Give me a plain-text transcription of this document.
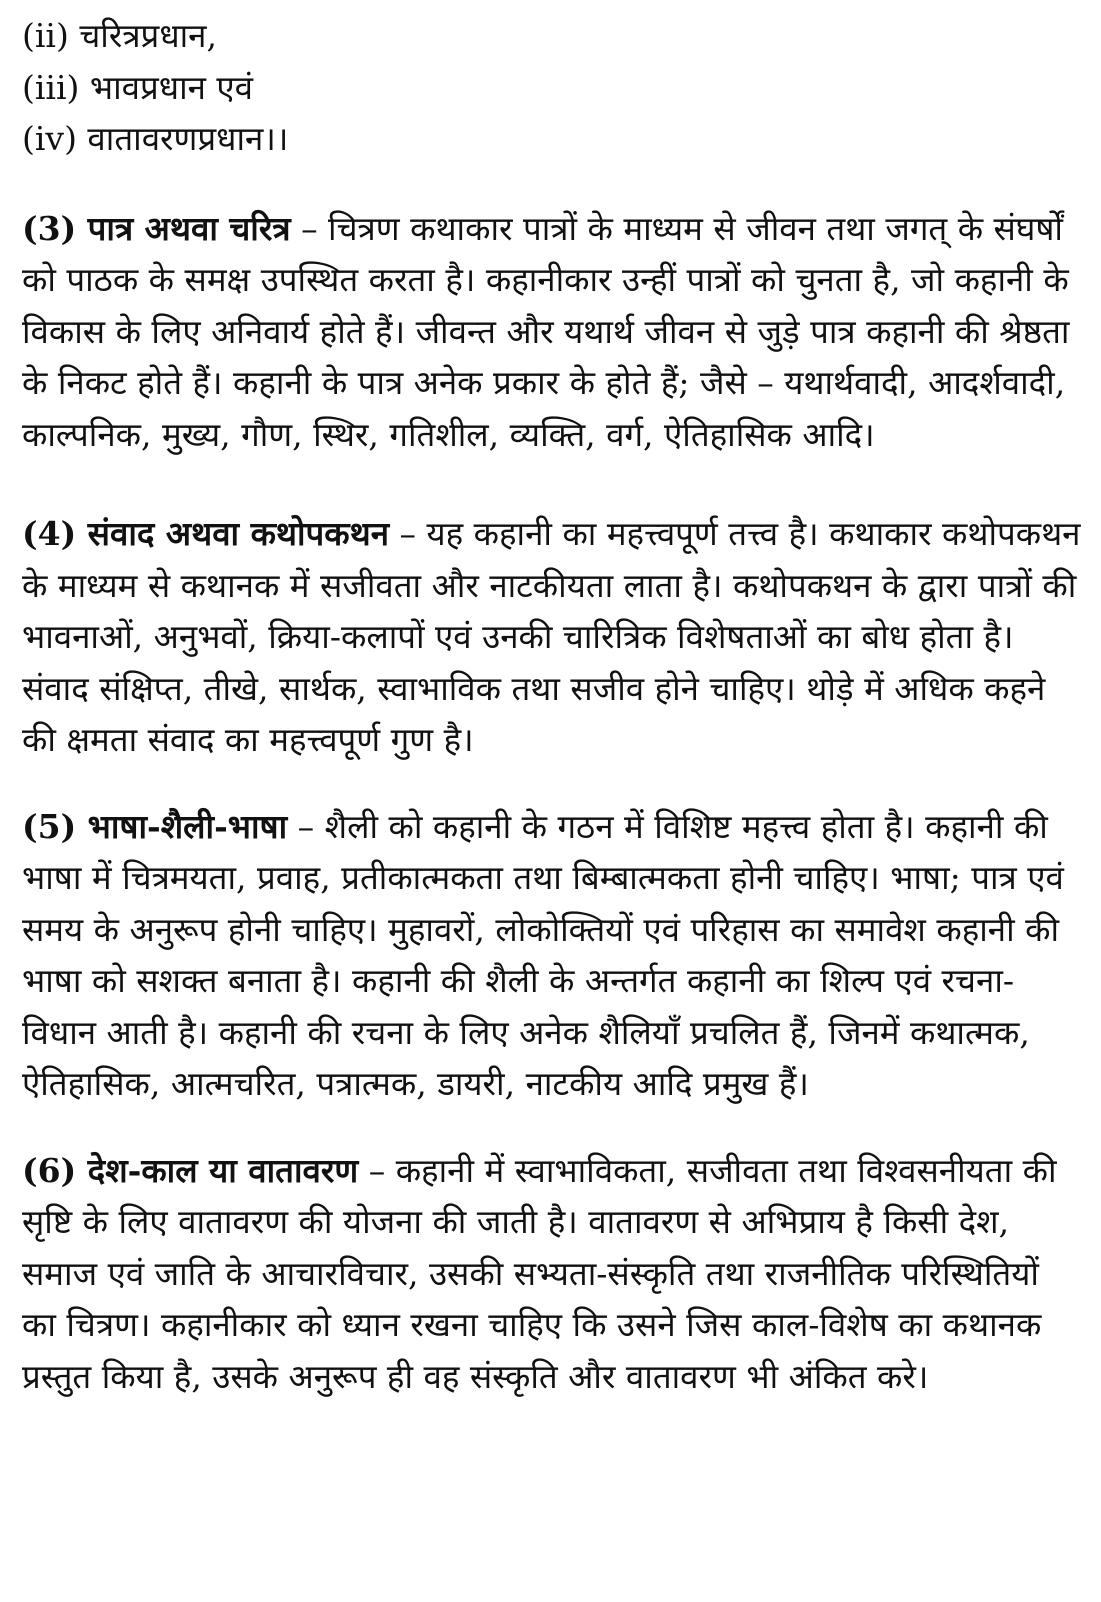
(ii) चरित्रप्रधान,

(iii) भावप्रधान एवं

(iv) वातावरणप्रधान।।

(3) पात्र अथवा चरित्र – चित्रण कथाकार पात्रों के माध्यम से जीवन तथा जगत् के संघर्षों को पाठक के समक्ष उपस्थित करता है। कहानीकार उन्हीं पात्रों को चुनता है, जो कहानी के विकास के लिए अनिवार्य होते हैं। जीवन्त और यथार्थ जीवन से जुड़े पात्र कहानी की श्रेष्ठता के निकट होते हैं। कहानी के पात्र अनेक प्रकार के होते हैं; जैसे – यथार्थवादी, आदर्शवादी, काल्पनिक, मुख्य, गौण, स्थिर, गतिशील, व्यक्ति, वर्ग, ऐतिहासिक आदि।

(4) संवाद अथवा कथोपकथन – यह कहानी का महत्त्वपूर्ण तत्त्व है। कथाकार कथोपकथन के माध्यम से कथानक में सजीवता और नाटकीयता लाता है। कथोपकथन के द्वारा पात्रों की भावनाओं, अनुभवों, क्रिया-कलापों एवं उनकी चारित्रिक विशेषताओं का बोध होता है। संवाद संक्षिप्त, तीखे, सार्थक, स्वाभाविक तथा सजीव होने चाहिए। थोड़े में अधिक कहने की क्षमता संवाद का महत्त्वपूर्ण गुण है।

(5) भाषा-शैली-भाषा – शैली को कहानी के गठन में विशिष्ट महत्त्व होता है। कहानी की भाषा में चित्रमयता, प्रवाह, प्रतीकात्मकता तथा बिम्बात्मकता होनी चाहिए। भाषा; पात्र एवं समय के अनुरूप होनी चाहिए। मुहावरों, लोकोक्तियों एवं परिहास का समावेश कहानी की भाषा को सशक्त बनाता है। कहानी की शैली के अन्तर्गत कहानी का शिल्प एवं रचना-विधान आती है। कहानी की रचना के लिए अनेक शैलियाँ प्रचलित हैं, जिनमें कथात्मक, ऐतिहासिक, आत्मचरित, पत्रात्मक, डायरी, नाटकीय आदि प्रमुख हैं।

(6) देश-काल या वातावरण – कहानी में स्वाभाविकता, सजीवता तथा विश्वसनीयता की सृष्टि के लिए वातावरण की योजना की जाती है। वातावरण से अभिप्राय है किसी देश, समाज एवं जाति के आचारविचार, उसकी सभ्यता-संस्कृति तथा राजनीतिक परिस्थितियों का चित्रण। कहानीकार को ध्यान रखना चाहिए कि उसने जिस काल-विशेष का कथानक प्रस्तुत किया है, उसके अनुरूप ही वह संस्कृति और वातावरण भी अंकित करे।
